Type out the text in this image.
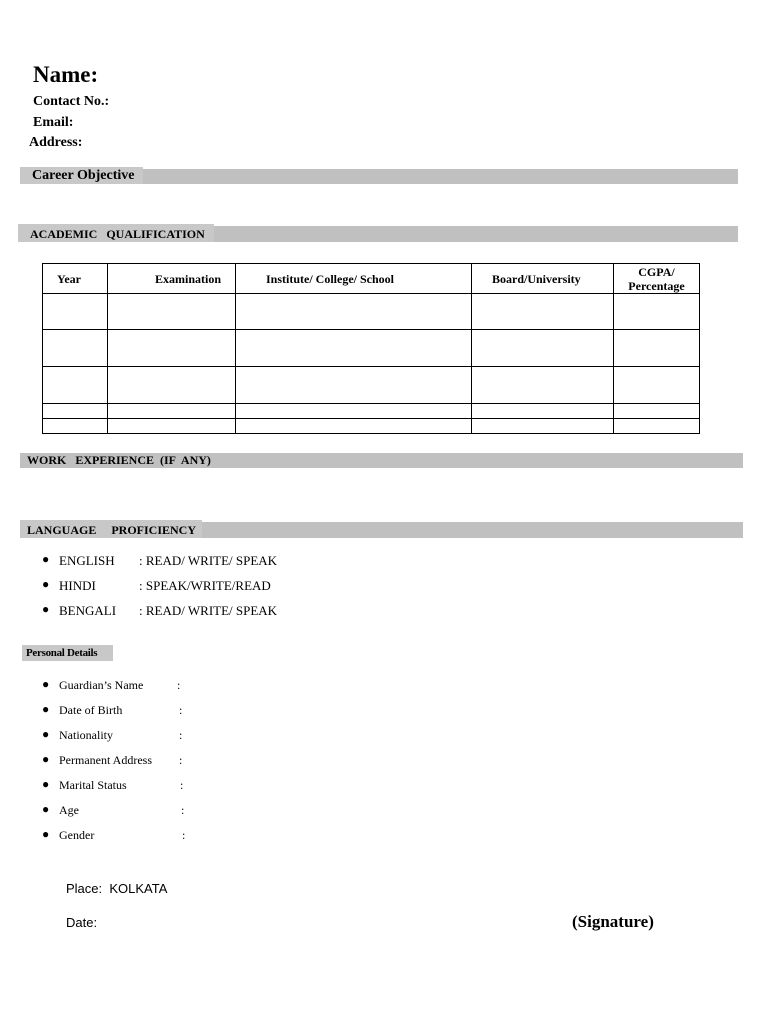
Name:
Contact No.:
Email:
Address:
Career Objective
ACADEMIC   QUALIFICATION
Year	Examination	Institute/ College/ School	Board/University	CGPA/
Percentage

WORK   EXPERIENCE  (IF  ANY)
LANGUAGE     PROFICIENCY
● ENGLISH : READ/ WRITE/ SPEAK
● HINDI	: SPEAK/WRITE/READ
● BENGALI : READ/ WRITE/ SPEAK
Personal Details
● Guardian’s Name	:
● Date of Birth	:
● Nationality	:
● Permanent Address :
● Marital Status	:
● Age	:
● Gender	:
Place: KOLKATA
Date:	(Signature)
